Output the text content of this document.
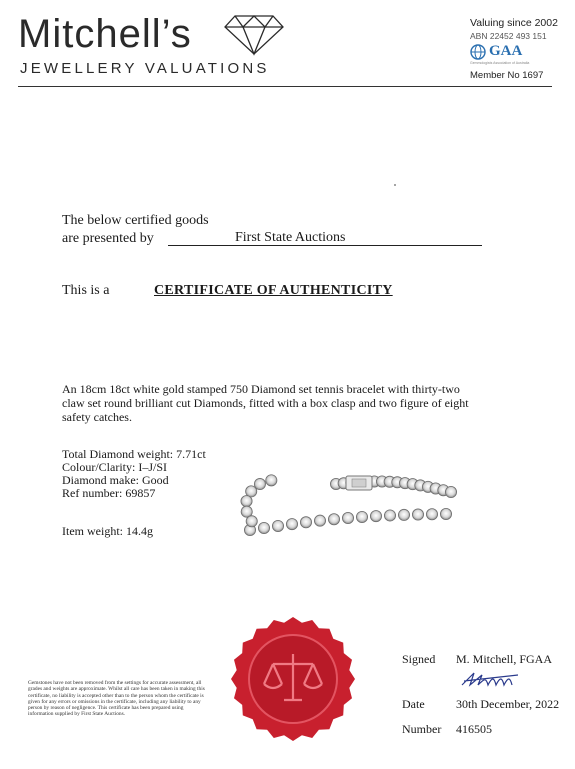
Mitchell’s
JEWELLERY VALUATIONS
Valuing since 2002
ABN 22452 493 151
GAA
Gemmologists Association of Australia
Member No 1697
The below certified goods
are presented by	First State Auctions
This is a	CERTIFICATE OF AUTHENTICITY
An 18cm 18ct white gold stamped 750 Diamond set tennis bracelet with thirty-two claw set round brilliant cut Diamonds, fitted with a box clasp and two figure of eight safety catches.
Total Diamond weight: 7.71ct
Colour/Clarity: I–J/SI
Diamond make: Good
Ref number: 69857
Item weight: 14.4g
Gemstones have not been removed from the settings for accurate assessment, all grades and weights are approximate. Whilst all care has been taken in making this certificate, no liability is accepted other than to the person whom the certificate is given for any errors or omissions in the certificate, including any liability to any person by reason of negligence. This certificate has been prepared using information supplied by First State Auctions.
Signed M. Mitchell, FGAA
Date	30th December, 2022
Number 416505
